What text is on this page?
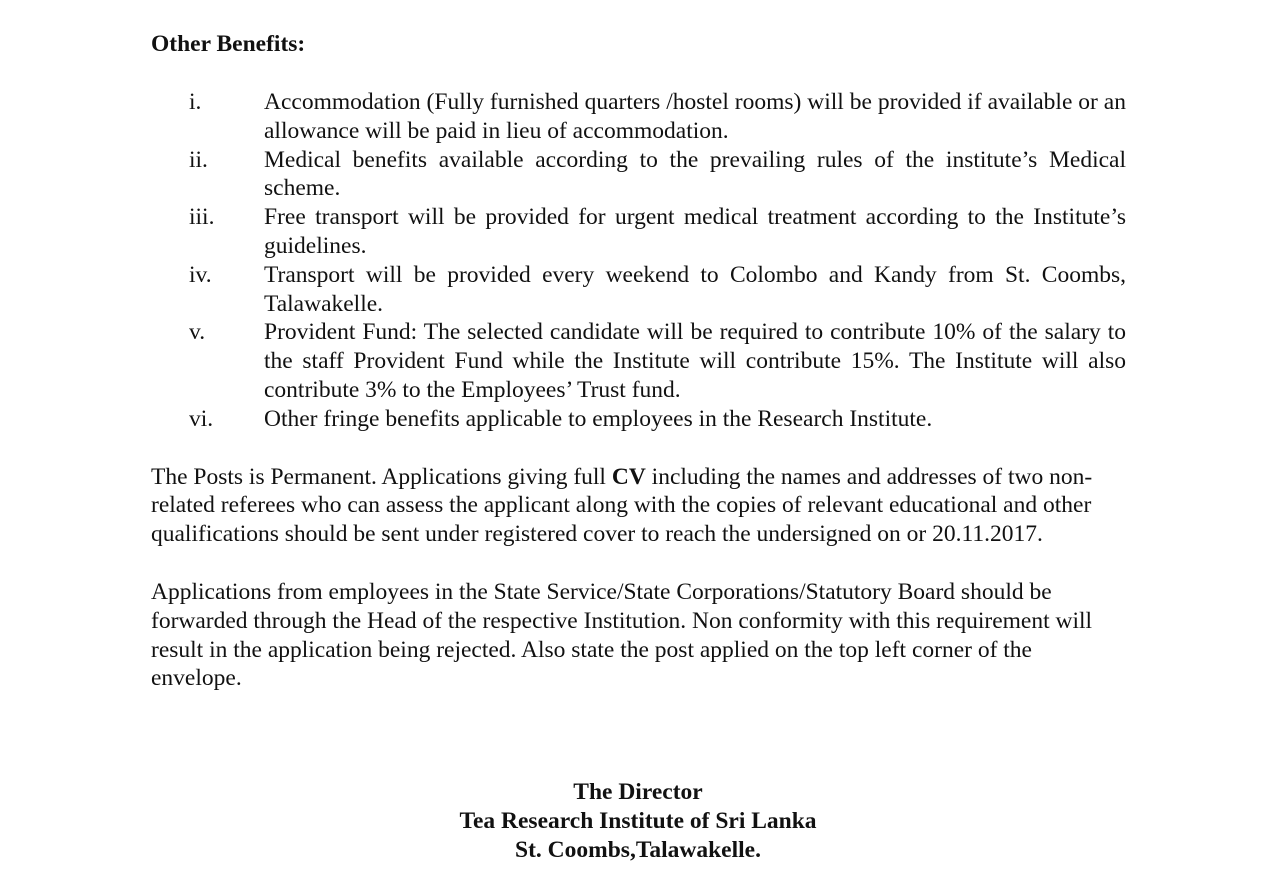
Other Benefits:

i.	Accommodation (Fully furnished quarters /hostel rooms) will be provided if available or an allowance will be paid in lieu of accommodation.
ii.	Medical benefits available according to the prevailing rules of the institute’s Medical scheme.
iii.	Free transport will be provided for urgent medical treatment according to the Institute’s guidelines.
iv.	Transport will be provided every weekend to Colombo and Kandy from St. Coombs, Talawakelle.
v.	Provident Fund: The selected candidate will be required to contribute 10% of the salary to the staff Provident Fund while the Institute will contribute 15%. The Institute will also contribute 3% to the Employees’ Trust fund.
vi.	Other fringe benefits applicable to employees in the Research Institute.

The Posts is Permanent. Applications giving full CV including the names and addresses of two non-related referees who can assess the applicant along with the copies of relevant educational and other qualifications should be sent under registered cover to reach the undersigned on or 20.11.2017.

Applications from employees in the State Service/State Corporations/Statutory Board should be forwarded through the Head of the respective Institution. Non conformity with this requirement will result in the application being rejected. Also state the post applied on the top left corner of the envelope.

The Director
Tea Research Institute of Sri Lanka
St. Coombs,Talawakelle.
